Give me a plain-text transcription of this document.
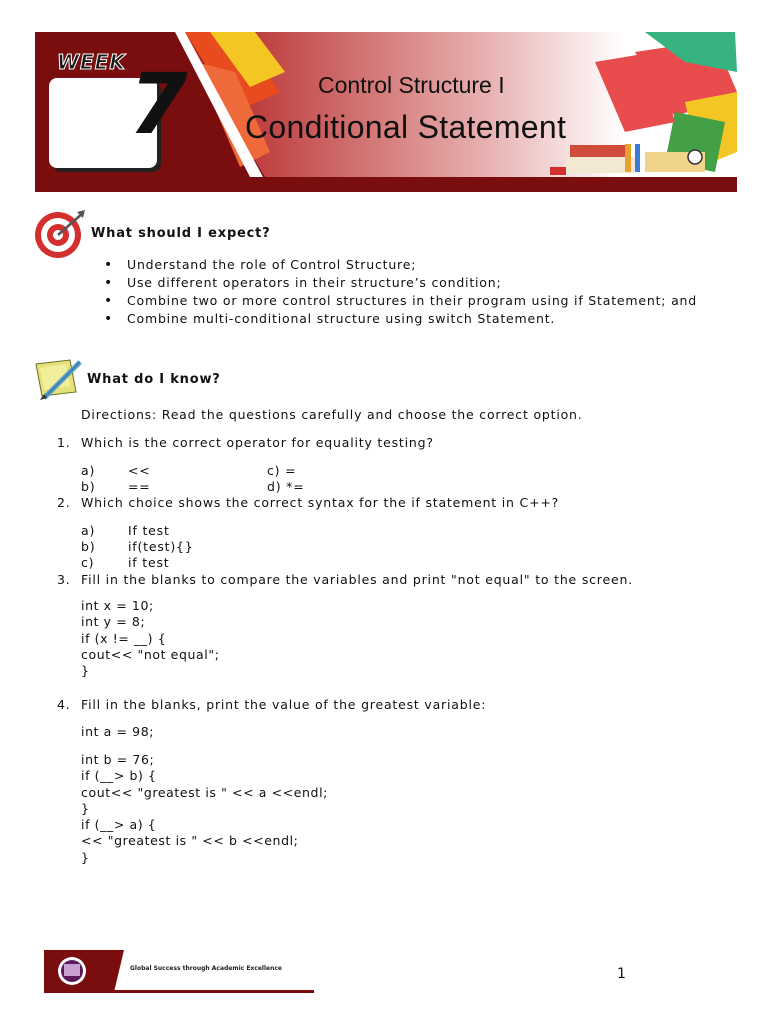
WEEK 7	Control Structure I
Conditional Statement
What should I expect?
• Understand the role of Control Structure;
• Use different operators in their structure’s condition;
• Combine two or more control structures in their program using if Statement; and
• Combine multi-conditional structure using switch Statement.
What do I know?
Directions: Read the questions carefully and choose the correct option.
1. Which is the correct operator for equality testing?
a)	<<	c) =
b)	==	d) *=
2. Which choice shows the correct syntax for the if statement in C++?
a)	If test
b)	if(test){}
c)	if test
3. Fill in the blanks to compare the variables and print "not equal" to the screen.
int x = 10;
int y = 8;
if (x != __) {
cout<< "not equal";
}
4. Fill in the blanks, print the value of the greatest variable:
int a = 98;
int b = 76;
if (__> b) {
cout<< "greatest is " << a <<endl;
}
if (__> a) {
<< "greatest is " << b <<endl;
}
Global Success through Academic Excellence	1
